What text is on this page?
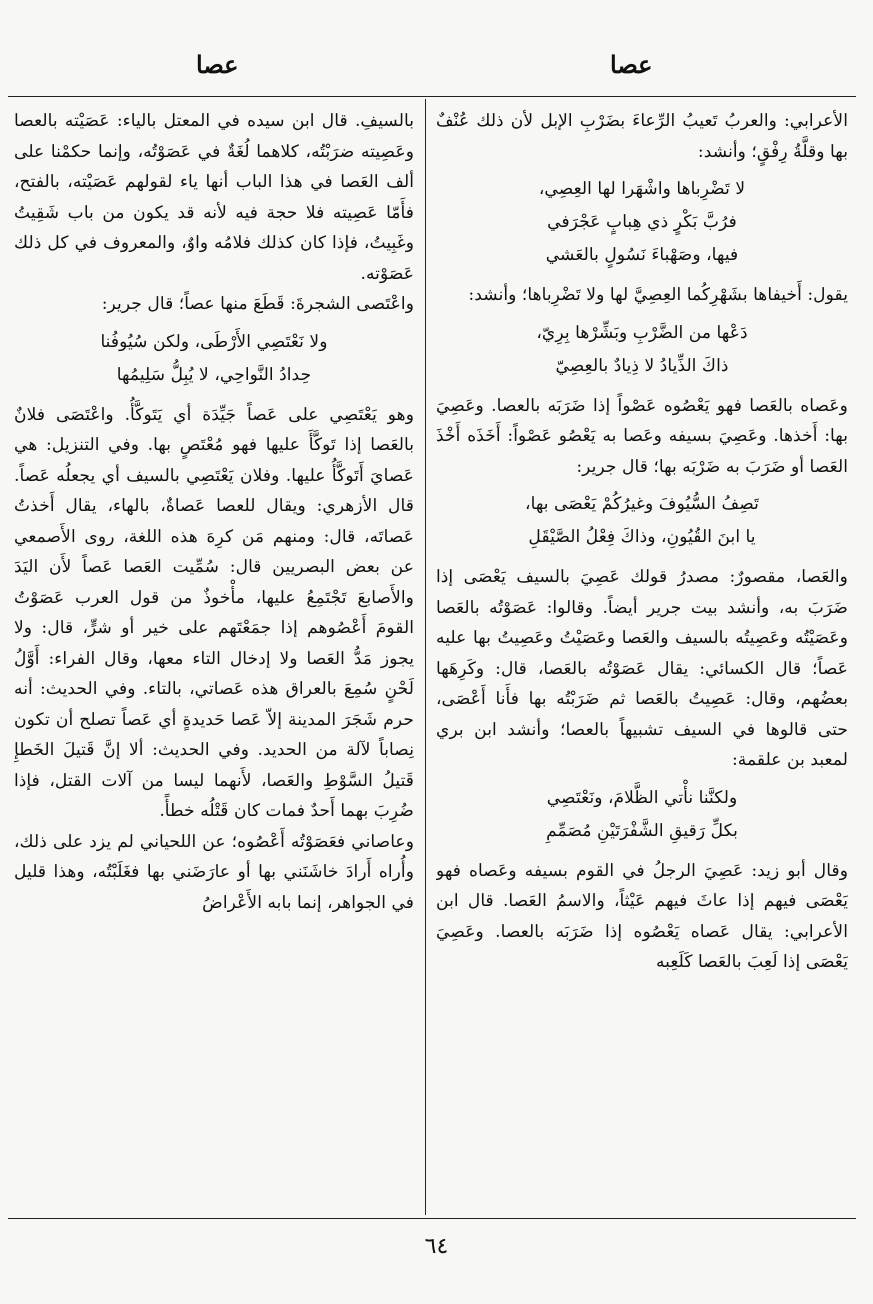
عصا
عصا

الأعرابي: والعربُ تَعيبُ الرِّعاءَ بضَرْبِ الإبل لأن ذلك عُنْفٌ بها وقلَّةُ رِفْقٍ؛ وأنشد:

لا تَضْرِباها واشْهَرا لها العِصِي،
فرُبَّ بَكْرٍ ذي هِبابٍ عَجْرَفي
فيها، وصَهْباءَ نَسُولٍ بالعَشي

يقول: أَخيفاها بشَهْرِكُما العِصِيَّ لها ولا تَضْرِباها؛ وأنشد:

دَعْها من الضَّرْبِ وبَشِّرْها بِرِيّ،
ذاكَ الذِّيادُ لا ذِيادٌ بالعِصِيّ

وعَصاه بالعَصا فهو يَعْصُوه عَصْواً إذا ضَرَبَه بالعصا. وعَصِيَ بها: أَخذها. وعَصِيَ بسيفه وعَصا به يَعْصُو عَصْواً: أَخَذَه أَخْذَ العَصا أو ضَرَبَ به ضَرْبَه بها؛ قال جرير:

تَصِفُ السُّيُوفَ وغيرُكُمْ يَعْصَى بها،
يا ابنَ القُيُونِ، وذاكَ فِعْلُ الصَّيْقَلِ

والعَصا، مقصورٌ: مصدرُ قولك عَصِيَ بالسيف يَعْصَى إذا ضَرَبَ به، وأنشد بيت جرير أيضاً. وقالوا: عَصَوْتُه بالعَصا وعَصَيْتُه وعَصِيتُه بالسيف والعَصا وعَصَيْتُ وعَصِيتُ بها عليه عَصاً؛ قال الكسائي: يقال عَصَوْتُه بالعَصا، قال: وكَرِهَها بعضُهم، وقال: عَصِيتُ بالعَصا ثم ضَرَبْتُه بها فأَنا أَعْصَى، حتى قالوها في السيف تشبيهاً بالعصا؛ وأنشد ابن بري لمعبد بن علقمة:

ولكنَّنا نأْتي الظَّلامَ، ونَعْتَصِي
بكلِّ رَقيقِ الشَّفْرَتَيْنِ مُصَمِّمِ

وقال أبو زيد: عَصِيَ الرجلُ في القوم بسيفه وعَصاه فهو يَعْصَى فيهم إذا عاثَ فيهم عَيْثاً، والاسمُ العَصا. قال ابن الأعرابي: يقال عَصاه يَعْصُوه إذا ضَرَبَه بالعصا. وعَصِيَ يَعْصَى إذا لَعِبَ بالعَصا كَلَعِبه

بالسيفِ. قال ابن سيده في المعتل بالياء: عَصَيْته بالعصا وعَصِيته ضرَبْتُه، كلاهما لُغَةٌ في عَصَوْتُه، وإنما حكمْنا على ألف العَصا في هذا الباب أنها ياء لقولهم عَصَيْته، بالفتح، فأَمّا عَصِيته فلا حجة فيه لأنه قد يكون من باب شَقِيتُ وغَبِيتُ، فإذا كان كذلك فلامُه واوٌ، والمعروف في كل ذلك عَصَوْته.

واعْتَصى الشجرةَ: قَطَعَ منها عصاً؛ قال جرير:

ولا نَعْتَصِي الأَرْطَى، ولكن سُيُوفُنا
حِدادُ النَّواحِي، لا يُبِلُّ سَلِيمُها

وهو يَعْتَصِي على عَصاً جَيِّدَة أي يَتَوكَّأُ. واعْتَصَى فلانٌ بالعَصا إذا تَوكَّأَ عليها فهو مُعْتَصٍ بها. وفي التنزيل: هي عَصايَ أَتَوكَّأُ عليها. وفلان يَعْتَصِي بالسيف أي يجعلُه عَصاً. قال الأزهري: ويقال للعصا عَصاةٌ، بالهاء، يقال أَخذتُ عَصاتَه، قال: ومنهم مَن كرِهَ هذه اللغة، روى الأَصمعي عن بعض البصريين قال: سُمِّيت العَصا عَصاً لأَن اليَدَ والأَصابعَ تَجْتَمِعُ عليها، مأْخوذٌ من قول العرب عَصَوْتُ القومَ أَعْصُوهم إذا جمَعْتَهم على خير أو شرٍّ، قال: ولا يجوز مَدُّ العَصا ولا إدخال التاء معها، وقال الفراء: أَوَّلُ لَحْنٍ سُمِعَ بالعراق هذه عَصاتي، بالتاء. وفي الحديث: أنه حرم شَجَرَ المدينة إلاّ عَصا حَديدةٍ أي عَصاً تصلح أن تكون نِصاباً لآلة من الحديد. وفي الحديث: ألا إنَّ قَتيلَ الخَطإِ قَتيلُ السَّوْطِ والعَصا، لأَنهما ليسا من آلات القتل، فإذا ضُرِبَ بهما أَحدٌ فمات كان قَتْلُه خطأً.

وعاصاني فعَصَوْتُه أَعْصُوه؛ عن اللحياني لم يزد على ذلك، وأُراه أَرادَ خاشَنَني بها أو عارَضَني بها فغَلَبْتُه، وهذا قليل في الجواهر، إنما بابه الأَعْراضُ

٦٤
